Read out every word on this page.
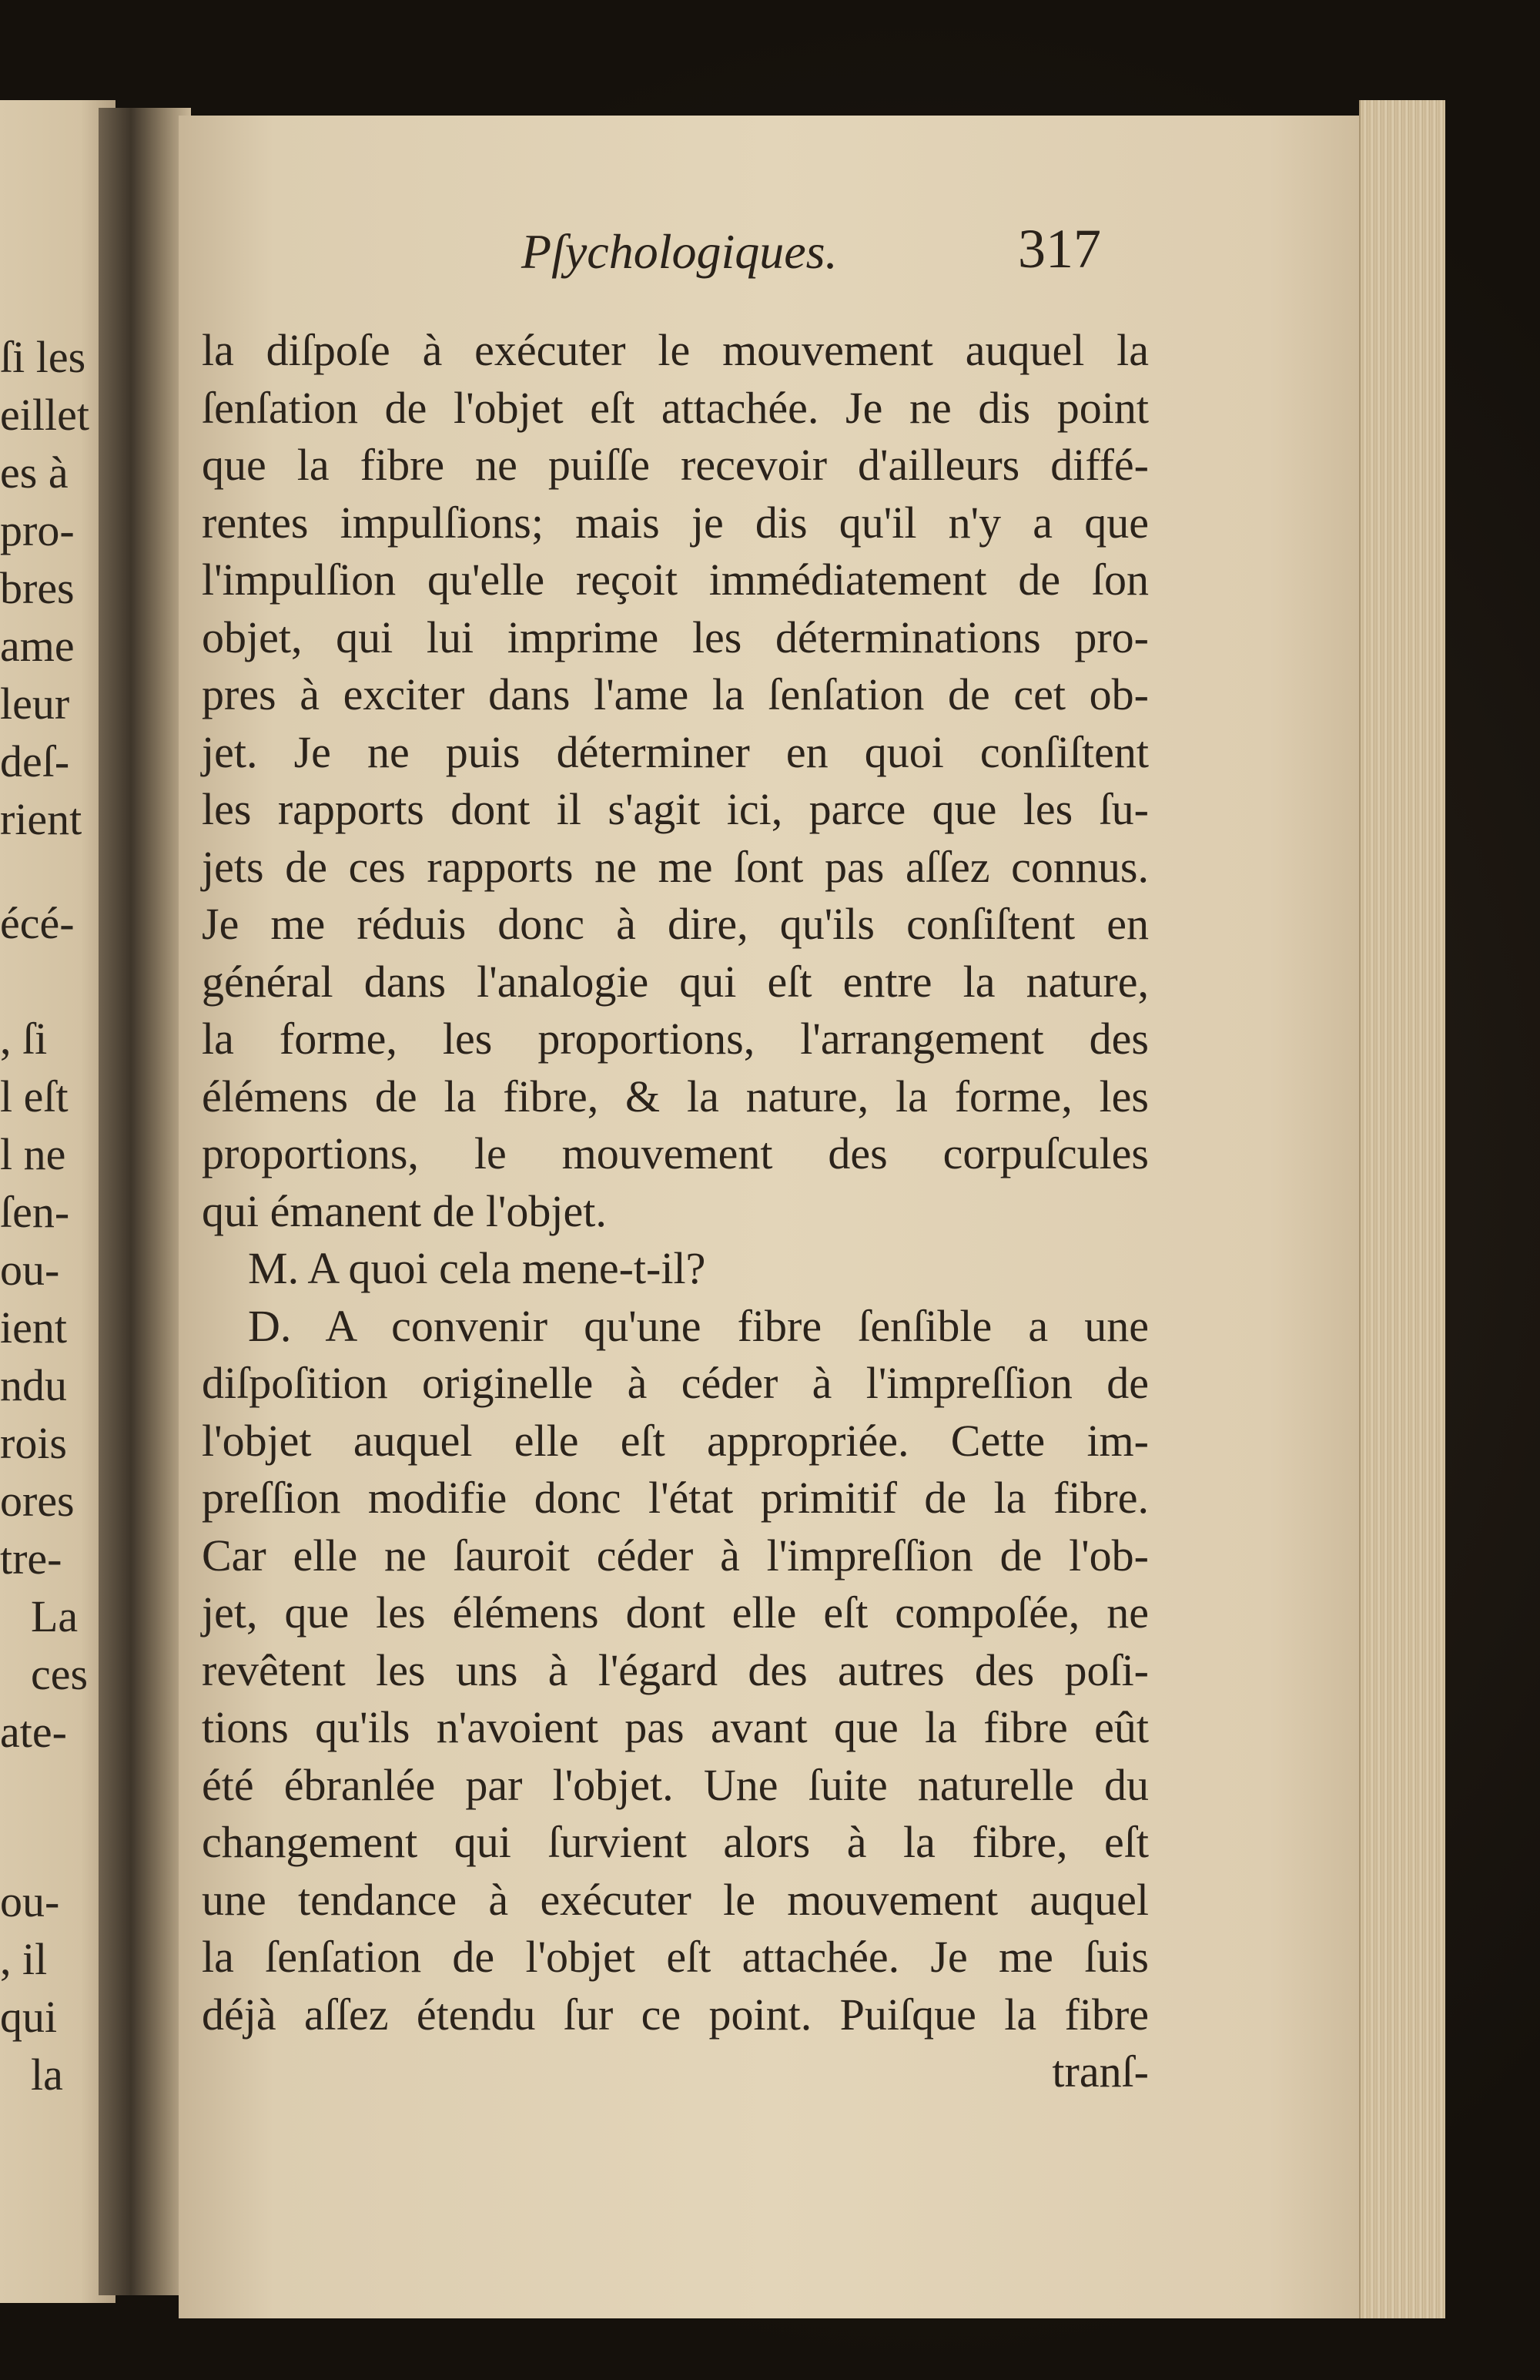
ſi les
eillet
es à
pro-
bres
ame
leur
deſ-
rient
écé-
, ſi
l eſt
l ne
ſen-
ou-
ient
ndu
rois
ores
tre-
La
ces
ate-
ou-
, il
qui
la
Pſychologiques.	317
la diſpoſe à exécuter le mouvement auquel la
ſenſation de l'objet eſt attachée. Je ne dis point
que la fibre ne puiſſe recevoir d'ailleurs diffé-
rentes impulſions; mais je dis qu'il n'y a que
l'impulſion qu'elle reçoit immédiatement de ſon
objet, qui lui imprime les déterminations pro-
pres à exciter dans l'ame la ſenſation de cet ob-
jet. Je ne puis déterminer en quoi conſiſtent
les rapports dont il s'agit ici, parce que les ſu-
jets de ces rapports ne me ſont pas aſſez connus.
Je me réduis donc à dire, qu'ils conſiſtent en
général dans l'analogie qui eſt entre la nature,
la forme, les proportions, l'arrangement des
élémens de la fibre, & la nature, la forme, les
proportions, le mouvement des corpuſcules
qui émanent de l'objet.
M. A quoi cela mene-t-il?
D. A convenir qu'une fibre ſenſible a une
diſpoſition originelle à céder à l'impreſſion de
l'objet auquel elle eſt appropriée. Cette im-
preſſion modifie donc l'état primitif de la fibre.
Car elle ne ſauroit céder à l'impreſſion de l'ob-
jet, que les élémens dont elle eſt compoſée, ne
revêtent les uns à l'égard des autres des poſi-
tions qu'ils n'avoient pas avant que la fibre eût
été ébranlée par l'objet. Une ſuite naturelle du
changement qui ſurvient alors à la fibre, eſt
une tendance à exécuter le mouvement auquel
la ſenſation de l'objet eſt attachée. Je me ſuis
déjà aſſez étendu ſur ce point. Puiſque la fibre
tranſ-
